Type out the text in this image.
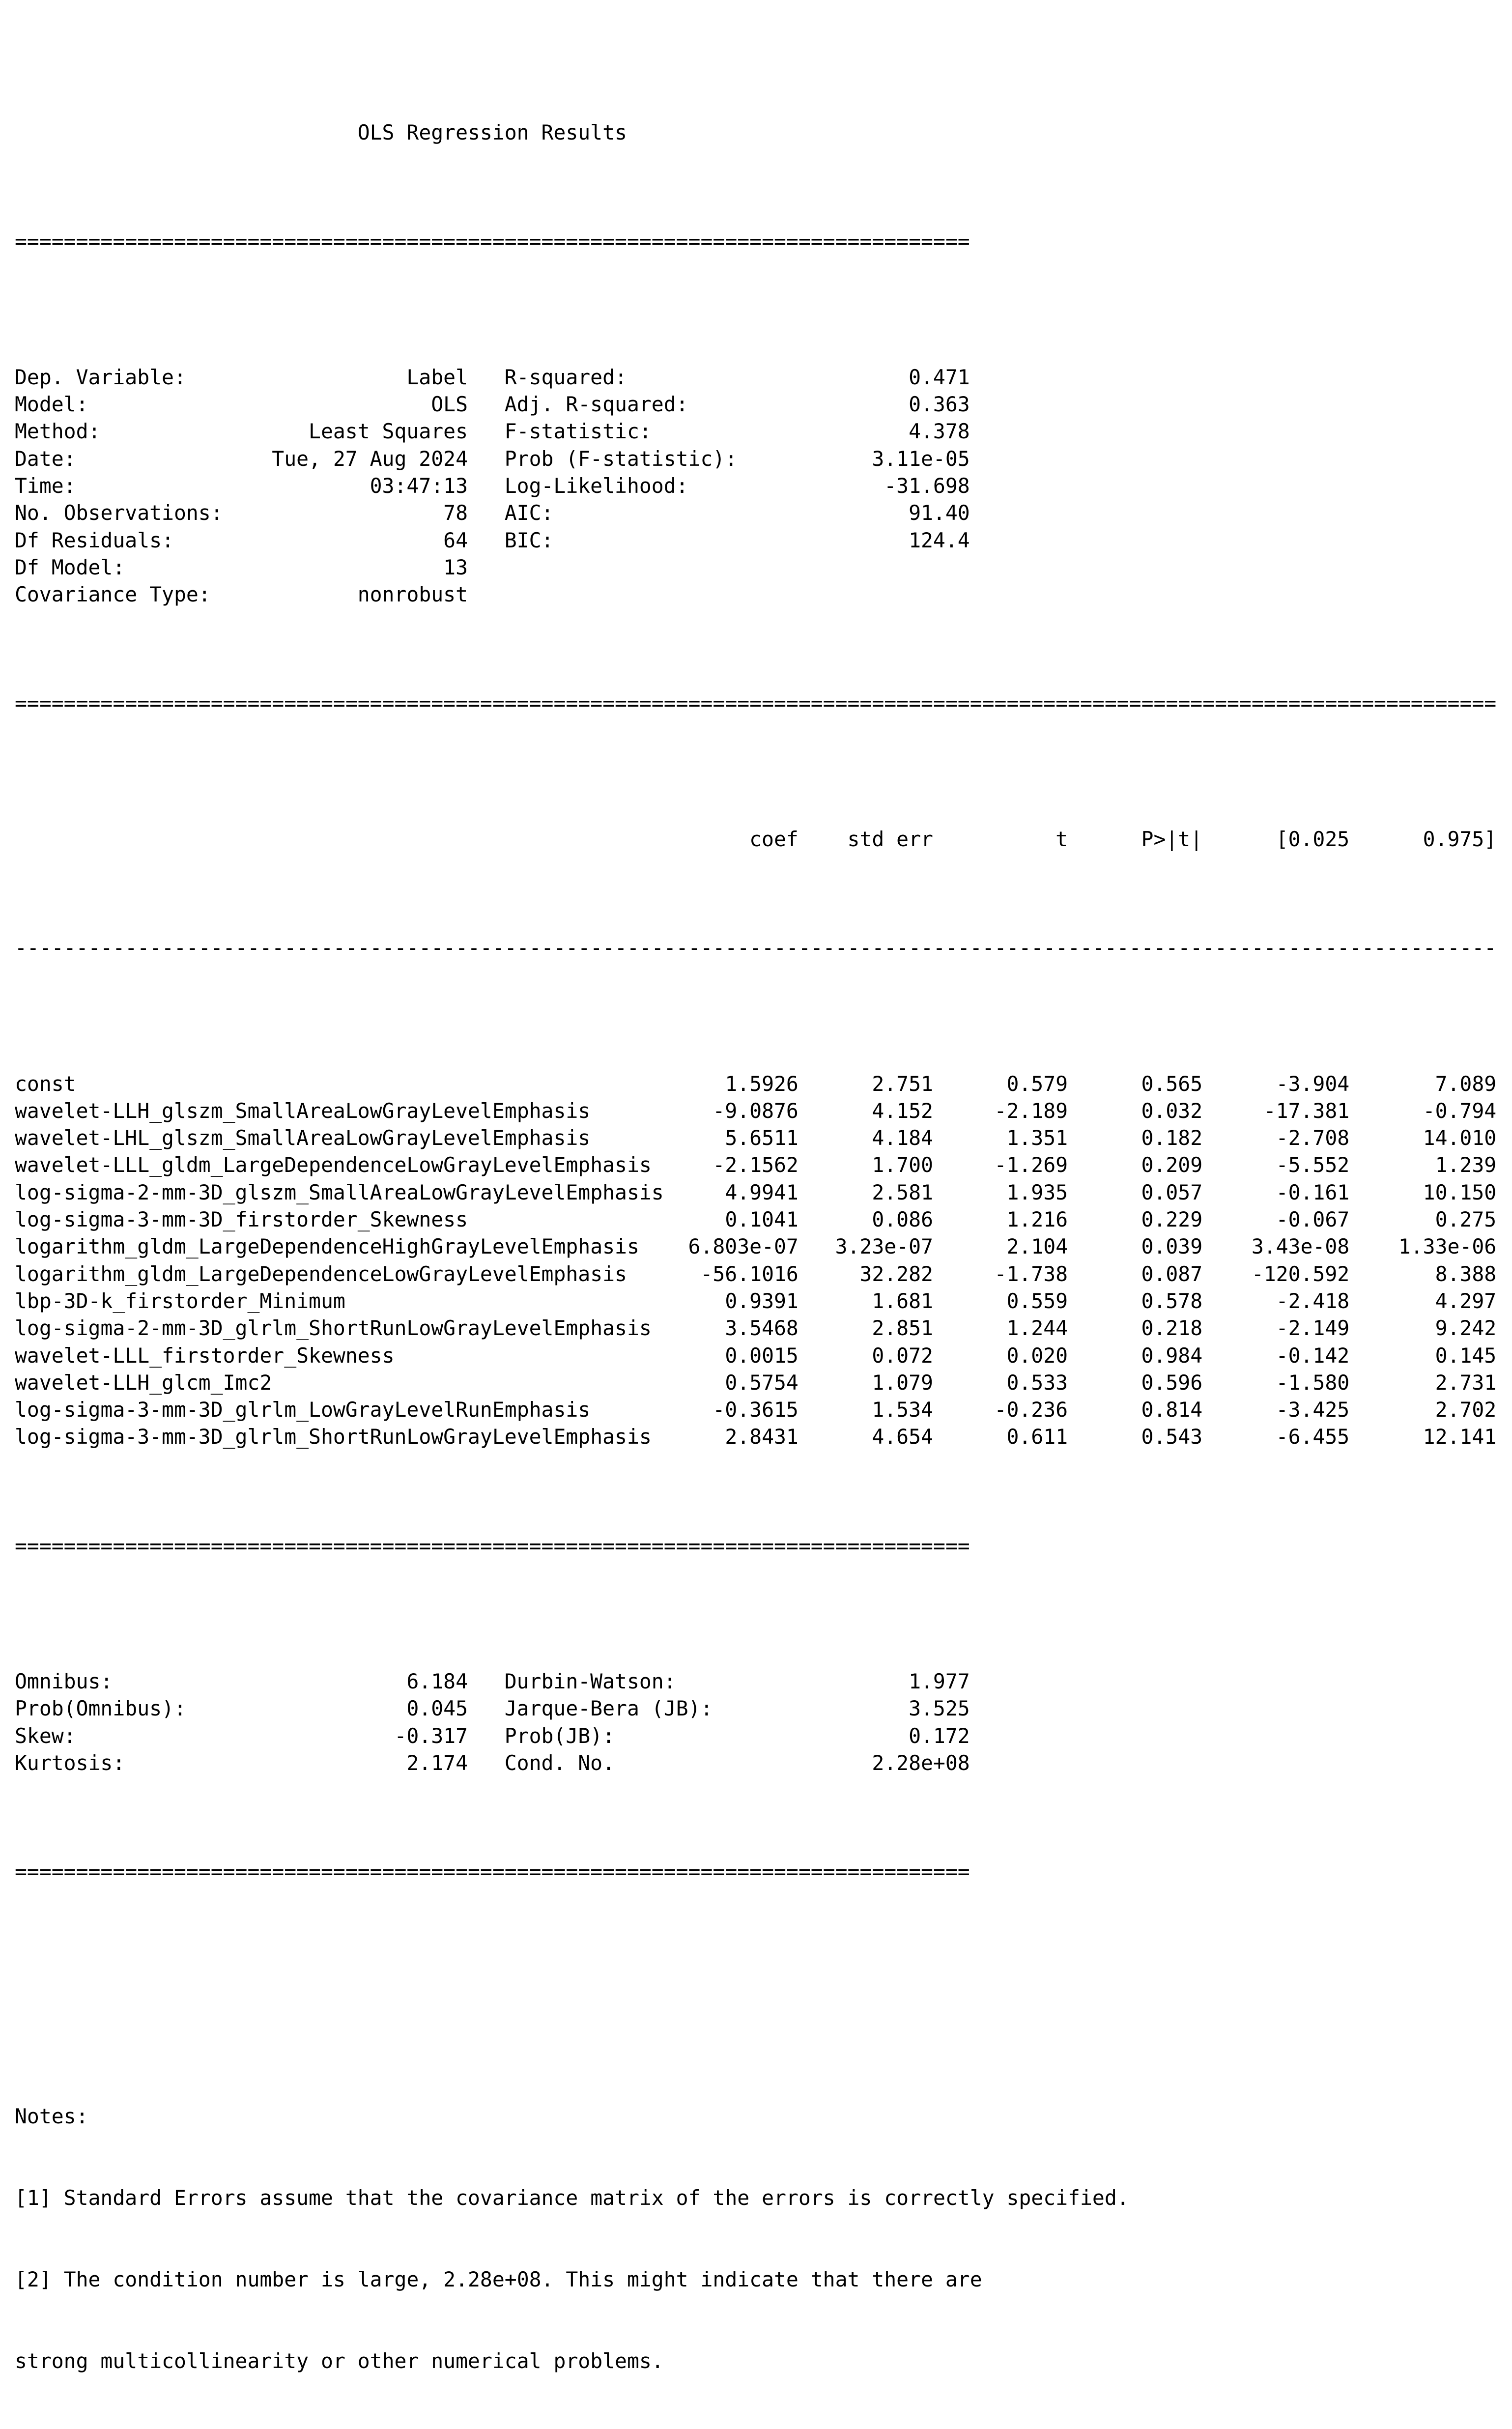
OLS Regression Results

==============================================================================

Dep. Variable:	Label R-squared:	0.471
Model:	OLS Adj. R-squared:	0.363
Method:	Least Squares F-statistic:	4.378
Date:	Tue, 27 Aug 2024 Prob (F-statistic):	3.11e-05
Time:	03:47:13 Log-Likelihood:	-31.698
No. Observations:	78 AIC:	91.40
Df Residuals:	64 BIC:	124.4
Df Model:	13
Covariance Type:	nonrobust

=========================================================================================================================

coef	std err	t	P>|t|	[0.025	0.975]

-------------------------------------------------------------------------------------------------------------------------

const	1.5926	2.751	0.579	0.565	-3.904	7.089
wavelet-LLH_glszm_SmallAreaLowGrayLevelEmphasis	-9.0876	4.152	-2.189	0.032	-17.381	-0.794
wavelet-LHL_glszm_SmallAreaLowGrayLevelEmphasis	5.6511	4.184	1.351	0.182	-2.708	14.010
wavelet-LLL_gldm_LargeDependenceLowGrayLevelEmphasis	-2.1562	1.700	-1.269	0.209	-5.552	1.239
log-sigma-2-mm-3D_glszm_SmallAreaLowGrayLevelEmphasis	4.9941	2.581	1.935	0.057	-0.161	10.150
log-sigma-3-mm-3D_firstorder_Skewness	0.1041	0.086	1.216	0.229	-0.067	0.275
logarithm_gldm_LargeDependenceHighGrayLevelEmphasis	6.803e-07	3.23e-07	2.104	0.039	3.43e-08	1.33e-06
logarithm_gldm_LargeDependenceLowGrayLevelEmphasis	-56.1016	32.282	-1.738	0.087	-120.592	8.388
lbp-3D-k_firstorder_Minimum	0.9391	1.681	0.559	0.578	-2.418	4.297
log-sigma-2-mm-3D_glrlm_ShortRunLowGrayLevelEmphasis	3.5468	2.851	1.244	0.218	-2.149	9.242
wavelet-LLL_firstorder_Skewness	0.0015	0.072	0.020	0.984	-0.142	0.145
wavelet-LLH_glcm_Imc2	0.5754	1.079	0.533	0.596	-1.580	2.731
log-sigma-3-mm-3D_glrlm_LowGrayLevelRunEmphasis	-0.3615	1.534	-0.236	0.814	-3.425	2.702
log-sigma-3-mm-3D_glrlm_ShortRunLowGrayLevelEmphasis	2.8431	4.654	0.611	0.543	-6.455	12.141

==============================================================================

Omnibus:	6.184 Durbin-Watson:	1.977
Prob(Omnibus):	0.045 Jarque-Bera (JB):	3.525
Skew:	-0.317 Prob(JB):	0.172
Kurtosis:	2.174 Cond. No.	2.28e+08

==============================================================================

Notes:

[1] Standard Errors assume that the covariance matrix of the errors is correctly specified.

[2] The condition number is large, 2.28e+08. This might indicate that there are

strong multicollinearity or other numerical problems.
